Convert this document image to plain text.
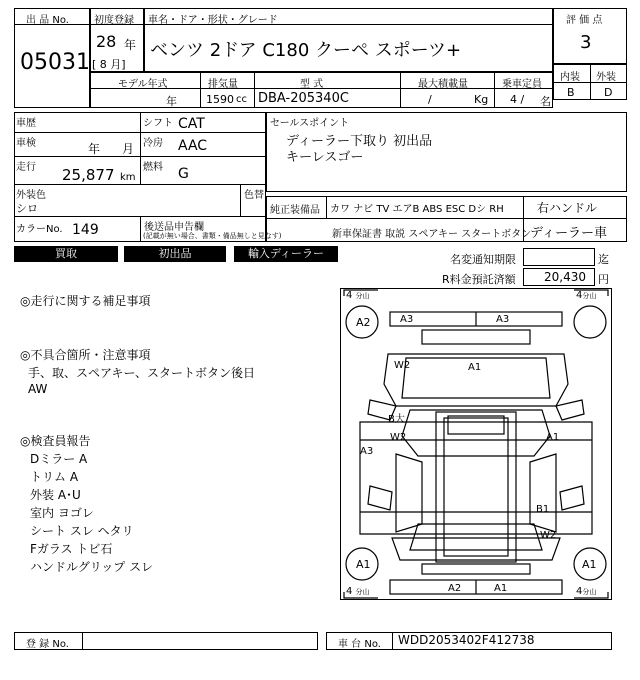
出 品 No.
05031
初度登録
28 年
[ 8 月]
車名・ドア・形状・グレード
ベンツ 2ドア C180 クーペ スポーツ+
評 価 点
3
モデル年式
年
排気量
1590 cc
型 式
DBA-205340C
最大積載量
/	Kg
乗車定員
4 / 名
内装 外装
B	D
車歴	シフト CAT
車検	年 月 冷房 AAC
走行 25,877 km
燃料 G
外装色
シロ
色替
カラーNo. 149	後送品申告欄
(記載が無い場合、書類・備品無しと見なす)
セールスポイント
ディーラー下取り 初出品
キーレスゴー
純正装備品 カワ ナビ TV エアB ABS ESC Dシ RH	右ハンドル
新車保証書 取説 スペアキー スタートボタン
ディーラー車
買取	初出品	輸入ディーラー	名変通知期限	迄
R料金預託済額 20,430 円
◎走行に関する補足事項
◎不具合箇所・注意事項
手、取、スペアキー、スタートボタン後日
AW
◎検査員報告
Dミラー A
トリム A
外装 A･U
室内 ヨゴレ
シート スレ ヘタリ
Fガラス トビ石
ハンドルグリップ スレ
4 分山	4分山
4 分山	4分山
A2
A1	A1
A3	A3
W2	A1
B大
W2
A3
A1
B1
W2
A2	A1
登 録 No.	車 台 No. WDD2053402F412738
